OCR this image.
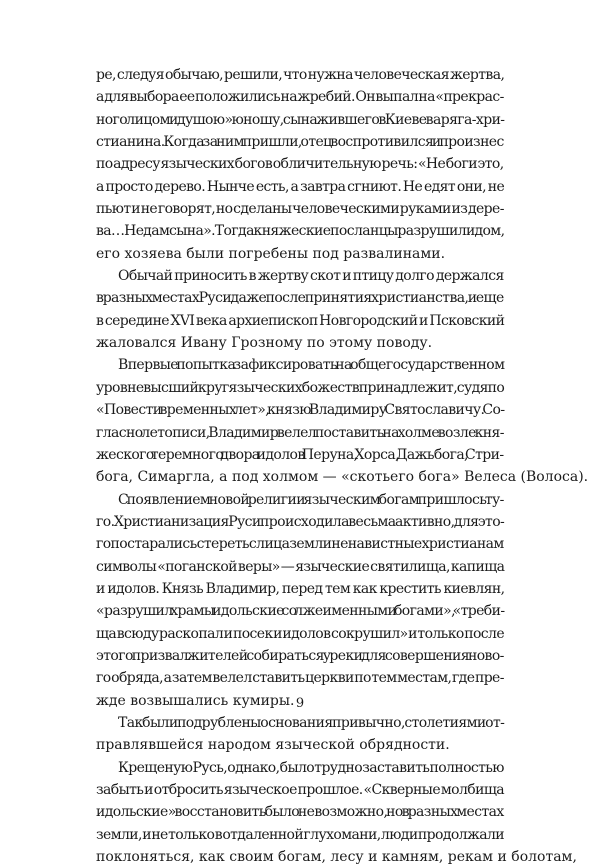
ре, следуя обычаю, решили, что нужна человеческая жертва,
а для выбора ее положились на жребий. Он выпал на «прекрас-
ного лицом и душою» юношу, сына жившего в Киеве варяга-хри-
стианина. Когда за ним пришли, отец воспротивился и произнес
по адресу языческих богов обличительную речь: «Не боги это,
а просто дерево. Нынче есть, а завтра сгниют. Не едят они, не
пьют и не говорят, но сделаны человеческими руками из дере-
ва… Не дам сына». Тогда княжеские посланцы разрушили дом,
его хозяева были погребены под развалинами.
Обычай приносить в жертву скот и птицу долго держался
в разных местах Руси даже после принятия христианства, и еще
в середине XVI века архиепископ Новгородский и Псковский
жаловался Ивану Грозному по этому поводу.
Впервые попытка зафиксировать на общегосударственном
уровне высший круг языческих божеств принадлежит, судя по
«Повести временных лет», князю Владимиру Святославичу. Со-
гласно летописи, Владимир велел поставить на холме возле кня-
жеского теремного двора идолов Перуна, Хорса, Дажьбога, Стри-
бога, Симаргла, а под холмом — «скотьего бога» Велеса (Волоса).
С появлением новой религии языческим богам пришлось ту-
го. Христианизация Руси происходила весьма активно, для это-
го постарались стереть с лица земли ненавистные христианам
символы «поганской веры» — языческие святилища, капища
и идолов. Князь Владимир, перед тем как крестить киевлян,
«разрушил храмы идольские со лжеименными богами», «треби-
ща всюду раскопал и посек и идолов сокрушил» и только после
этого призвал жителей собираться у реки для совершения ново-
го обряда, а затем велел ставить церкви по тем местам, где пре-
жде возвышались кумиры.
Так были подрублены основания привычно, столетиями от-
правлявшейся народом языческой обрядности.
Крещеную Русь, однако, было трудно заставить полностью
забыть и отбросить языческое прошлое. «Скверные молбища
идольские» восстановить было невозможно, но в разных местах
земли, и не только в отдаленной глухомани, люди продолжали
поклоняться, как своим богам, лесу и камням, рекам и болотам,
9
